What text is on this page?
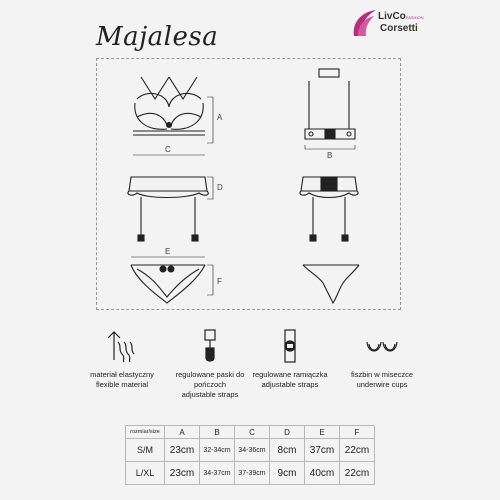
Majalesa
LivCo FASHION
Corsetti
A
B
C
D
E
F
materiał elastyczny
flexible material
regulowane paski do pończoch
adjustable straps
regulowane ramiączka
adjustable straps
fiszbin w miseczce
underwire cups
rozmiar/size	A	B	C	D	E	F
S/M	23cm	32-34cm	34-36cm	8cm	37cm	22cm
L/XL	23cm	34-37cm	37-39cm	9cm	40cm	22cm
